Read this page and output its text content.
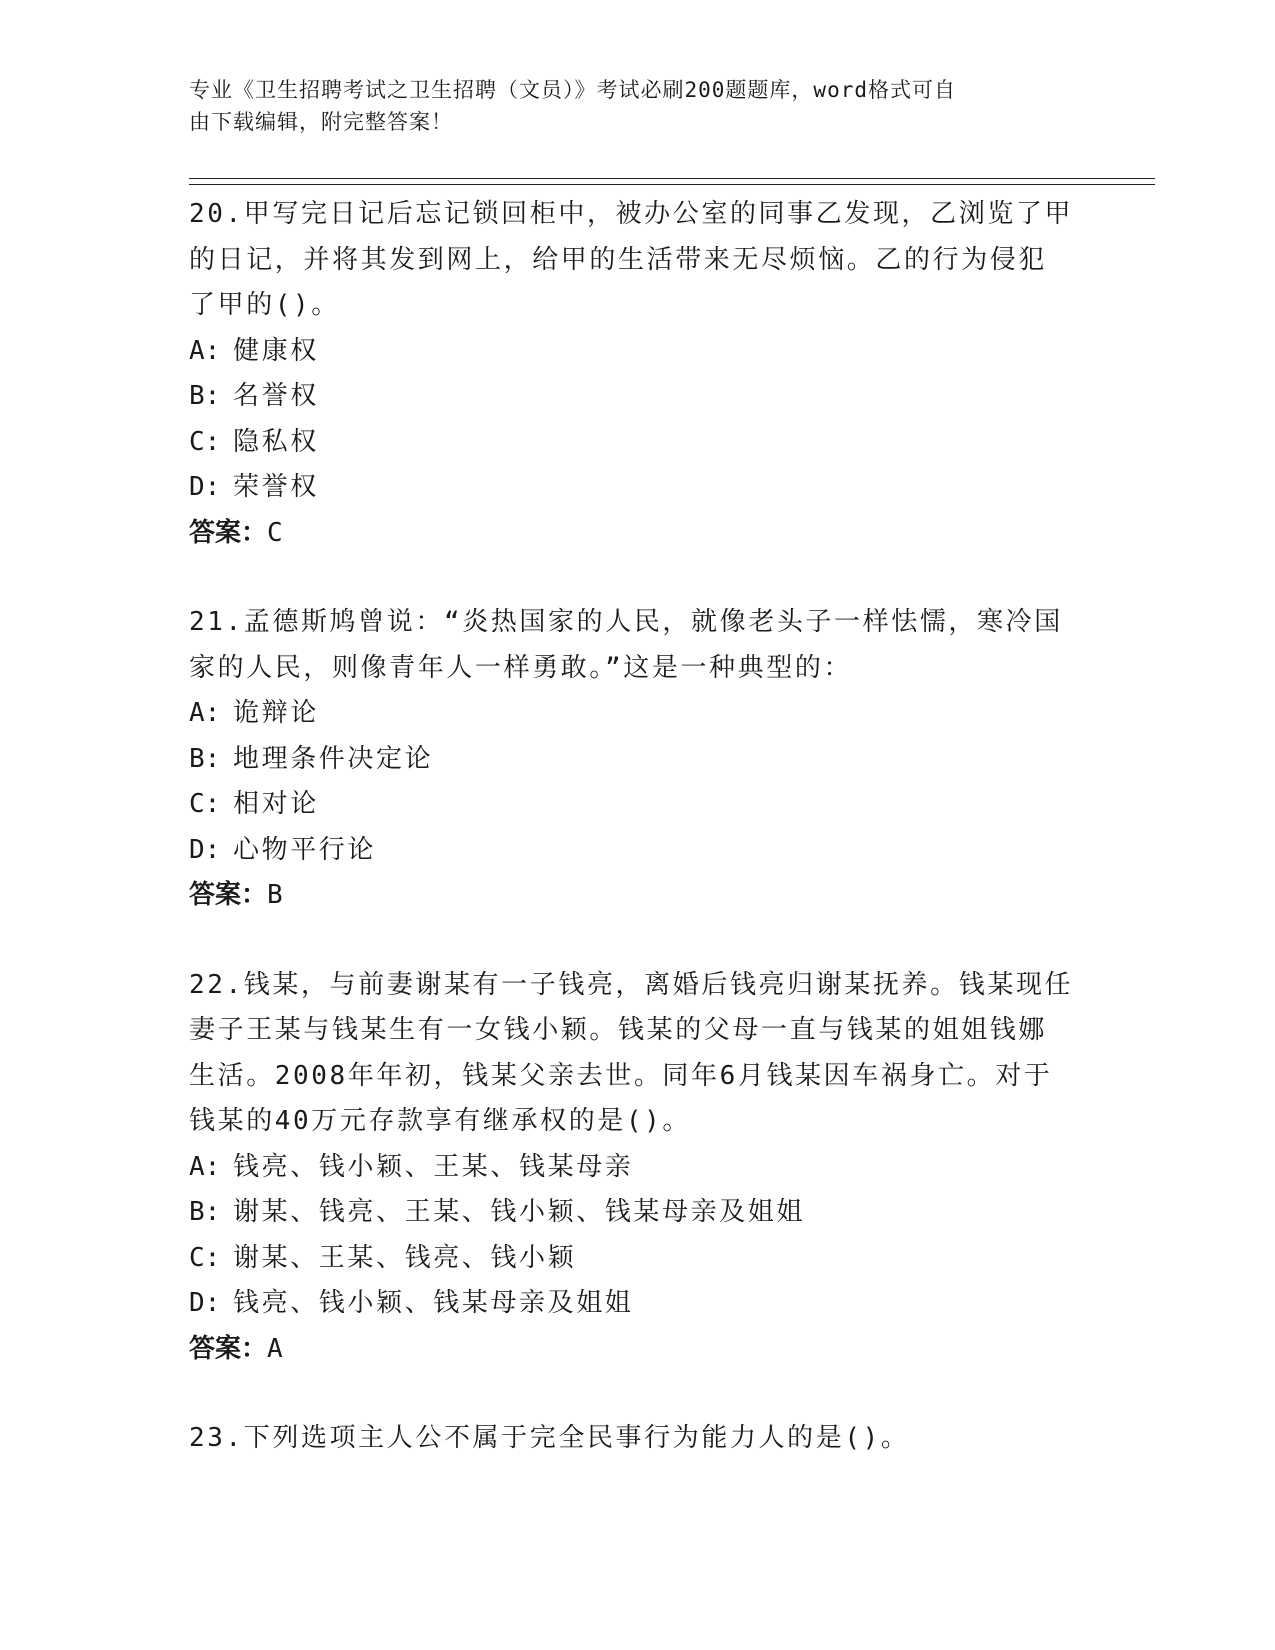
专业《卫生招聘考试之卫生招聘（文员）》考试必刷200题题库，word格式可自
由下载编辑，附完整答案！
20.甲写完日记后忘记锁回柜中，被办公室的同事乙发现，乙浏览了甲
的日记，并将其发到网上，给甲的生活带来无尽烦恼。乙的行为侵犯
了甲的()。
A: 健康权
B: 名誉权
C: 隐私权
D: 荣誉权
答案：C
21.孟德斯鸠曾说：“炎热国家的人民，就像老头子一样怯懦，寒冷国
家的人民，则像青年人一样勇敢。”这是一种典型的：
A: 诡辩论
B: 地理条件决定论
C: 相对论
D: 心物平行论
答案：B
22.钱某，与前妻谢某有一子钱亮，离婚后钱亮归谢某抚养。钱某现任
妻子王某与钱某生有一女钱小颖。钱某的父母一直与钱某的姐姐钱娜
生活。2008年年初，钱某父亲去世。同年6月钱某因车祸身亡。对于
钱某的40万元存款享有继承权的是()。
A: 钱亮、钱小颖、王某、钱某母亲
B: 谢某、钱亮、王某、钱小颖、钱某母亲及姐姐
C: 谢某、王某、钱亮、钱小颖
D: 钱亮、钱小颖、钱某母亲及姐姐
答案：A
23.下列选项主人公不属于完全民事行为能力人的是()。
